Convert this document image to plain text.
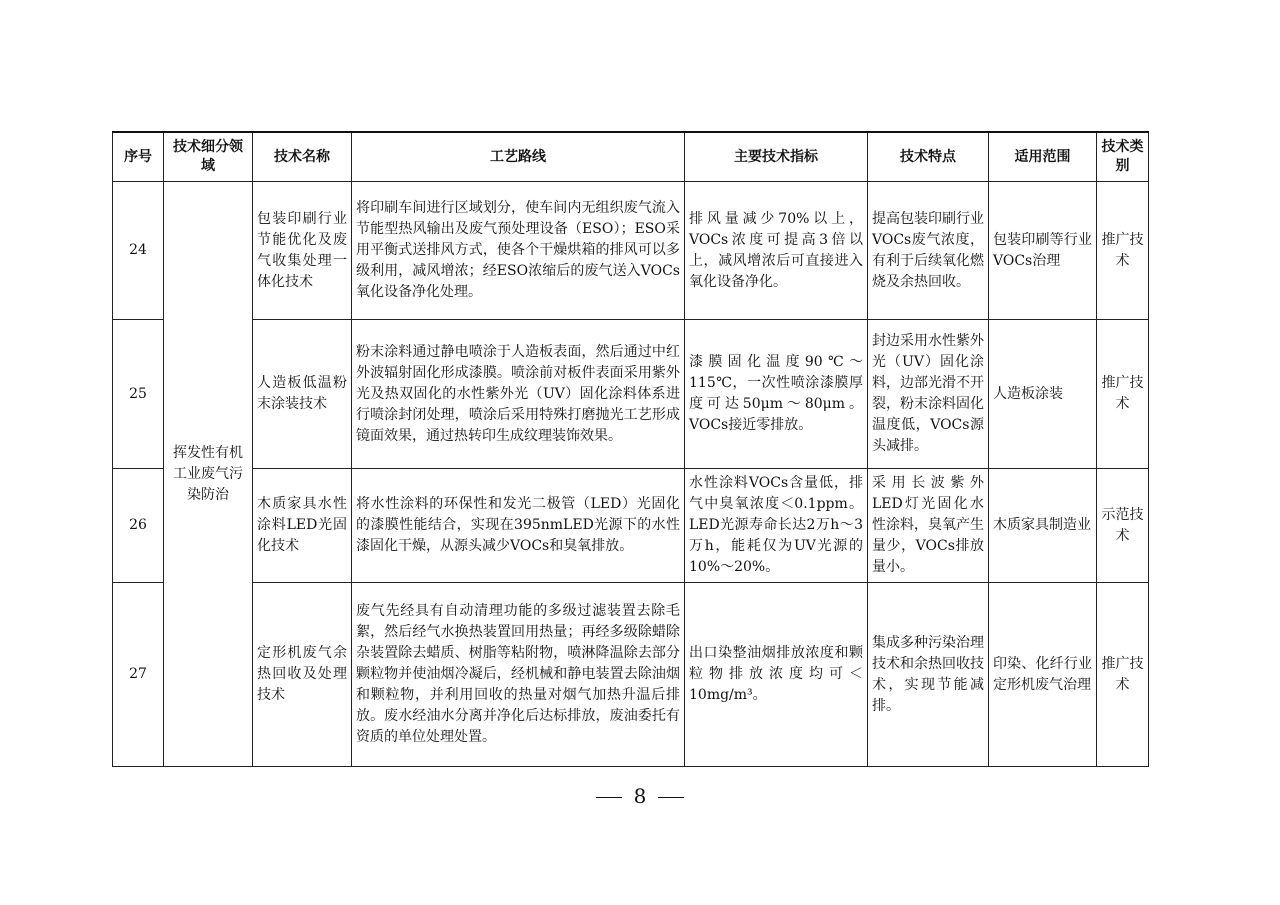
序号	技术细分领域	技术名称	工艺路线	主要技术指标	技术特点	适用范围	技术类别
24	挥发性有机工业废气污染防治	包装印刷行业节能优化及废气收集处理一体化技术	将印刷车间进行区域划分，使车间内无组织废气流入节能型热风输出及废气预处理设备（ESO）；ESO采用平衡式送排风方式，使各个干燥烘箱的排风可以多级利用，减风增浓；经ESO浓缩后的废气送入VOCs氧化设备净化处理。	排风量减少70%以上，VOCs浓度可提高3倍以上，减风增浓后可直接进入氧化设备净化。	提高包装印刷行业VOCs废气浓度，有利于后续氧化燃烧及余热回收。	包装印刷等行业VOCs治理	推广技术
25		人造板低温粉末涂装技术	粉末涂料通过静电喷涂于人造板表面，然后通过中红外波辐射固化形成漆膜。喷涂前对板件表面采用紫外光及热双固化的水性紫外光（UV）固化涂料体系进行喷涂封闭处理，喷涂后采用特殊打磨抛光工艺形成镜面效果，通过热转印生成纹理装饰效果。	漆膜固化温度90℃～115℃，一次性喷涂漆膜厚度可达50μm～80μm。VOCs接近零排放。	封边采用水性紫外光（UV）固化涂料，边部光滑不开裂，粉末涂料固化温度低，VOCs源头减排。	人造板涂装	推广技术
26		木质家具水性涂料LED光固化技术	将水性涂料的环保性和发光二极管（LED）光固化的漆膜性能结合，实现在395nmLED光源下的水性漆固化干燥，从源头减少VOCs和臭氧排放。	水性涂料VOCs含量低，排气中臭氧浓度＜0.1ppm。LED光源寿命长达2万h～3万h，能耗仅为UV光源的10%～20%。	采用长波紫外LED灯光固化水性涂料，臭氧产生量少，VOCs排放量小。	木质家具制造业	示范技术
27		定形机废气余热回收及处理技术	废气先经具有自动清理功能的多级过滤装置去除毛絮，然后经气水换热装置回用热量；再经多级除蜡除杂装置除去蜡质、树脂等粘附物，喷淋降温除去部分颗粒物并使油烟冷凝后，经机械和静电装置去除油烟和颗粒物，并利用回收的热量对烟气加热升温后排放。废水经油水分离并净化后达标排放，废油委托有资质的单位处理处置。	出口染整油烟排放浓度和颗粒物排放浓度均可＜10mg/m³。	集成多种污染治理技术和余热回收技术，实现节能减排。	印染、化纤行业定形机废气治理	推广技术
8
